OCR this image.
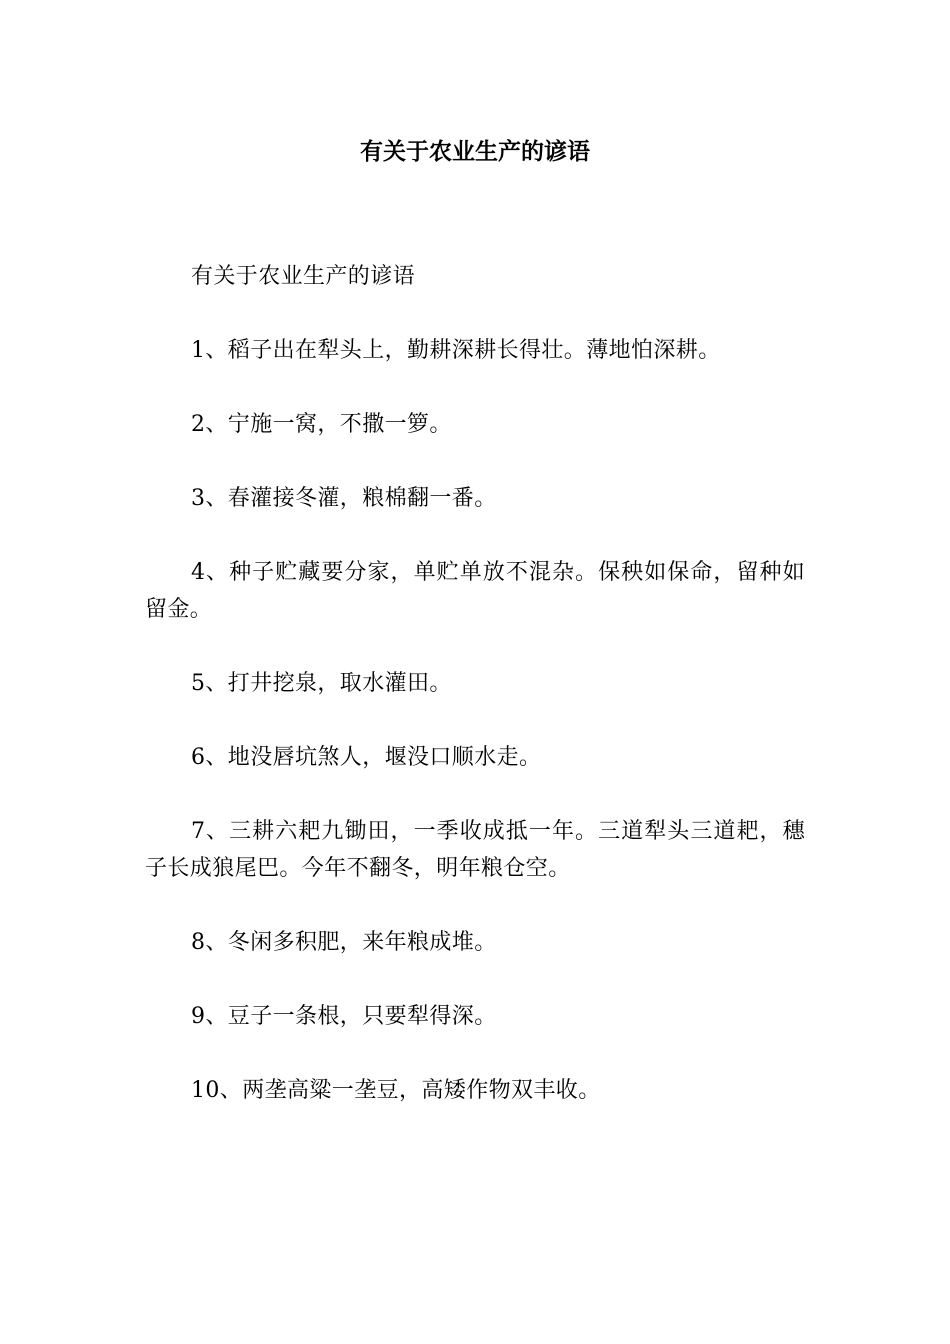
有关于农业生产的谚语

有关于农业生产的谚语

1、稻子出在犁头上，勤耕深耕长得壮。薄地怕深耕。

2、宁施一窝，不撒一箩。

3、春灌接冬灌，粮棉翻一番。

4、种子贮藏要分家，单贮单放不混杂。保秧如保命，留种如留金。

5、打井挖泉，取水灌田。

6、地没唇坑煞人，堰没口顺水走。

7、三耕六耙九锄田，一季收成抵一年。三道犁头三道耙，穗子长成狼尾巴。今年不翻冬，明年粮仓空。

8、冬闲多积肥，来年粮成堆。

9、豆子一条根，只要犁得深。

10、两垄高粱一垄豆，高矮作物双丰收。
